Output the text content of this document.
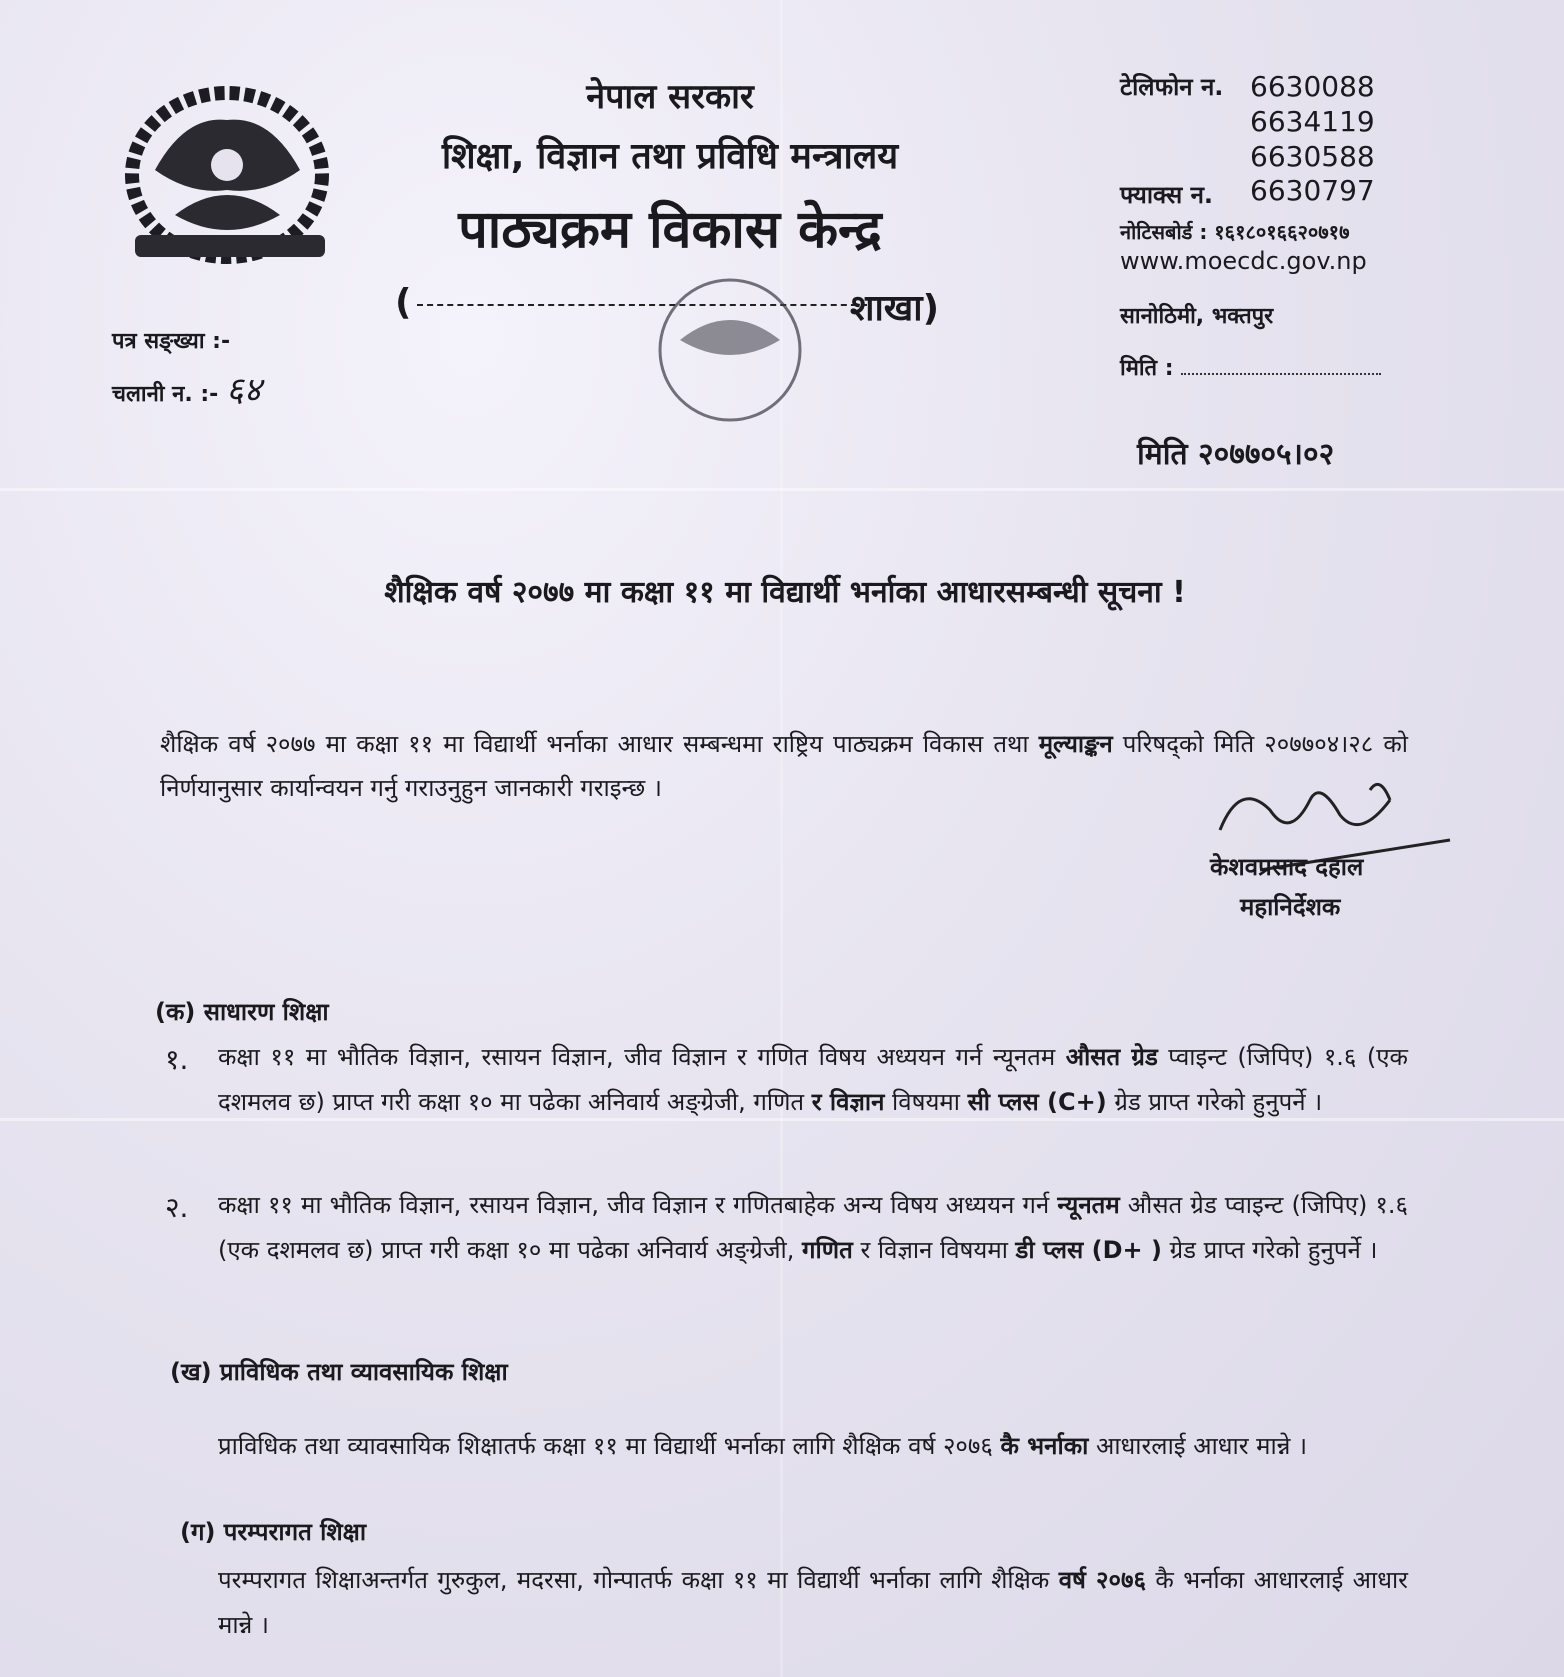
नेपाल सरकार
शिक्षा, विज्ञान तथा प्रविधि मन्त्रालय
पाठ्यक्रम विकास केन्द्र
(	शाखा)
टेलिफोन न. 6630088
6634119
6630588
फ्याक्स न. 6630797
नोटिसबोर्ड : १६१८०१६६२०७१७
www.moecdc.gov.np
सानोठिमी, भक्तपुर
मिति :
पत्र सङ्ख्या :-
चलानी न. :- ६४
मिति २०७७०५।०२
शैक्षिक वर्ष २०७७ मा कक्षा ११ मा विद्यार्थी भर्नाका आधारसम्बन्धी सूचना !
शैक्षिक वर्ष २०७७ मा कक्षा ११ मा विद्यार्थी भर्नाका आधार सम्बन्धमा राष्ट्रिय पाठ्यक्रम विकास तथा मूल्याङ्कन परिषद्को मिति २०७७०४।२८ को निर्णयानुसार कार्यान्वयन गर्नु गराउनुहुन जानकारी गराइन्छ ।
केशवप्रसाद दहाल
महानिर्देशक
(क) साधारण शिक्षा
१. कक्षा ११ मा भौतिक विज्ञान, रसायन विज्ञान, जीव विज्ञान र गणित विषय अध्ययन गर्न न्यूनतम औसत ग्रेड प्वाइन्ट (जिपिए) १.६ (एक दशमलव छ) प्राप्त गरी कक्षा १० मा पढेका अनिवार्य अङ्ग्रेजी, गणित र विज्ञान विषयमा सी प्लस (C+) ग्रेड प्राप्त गरेको हुनुपर्ने ।
२. कक्षा ११ मा भौतिक विज्ञान, रसायन विज्ञान, जीव विज्ञान र गणितबाहेक अन्य विषय अध्ययन गर्न न्यूनतम औसत ग्रेड प्वाइन्ट (जिपिए) १.६ (एक दशमलव छ) प्राप्त गरी कक्षा १० मा पढेका अनिवार्य अङ्ग्रेजी, गणित र विज्ञान विषयमा डी प्लस (D+ ) ग्रेड प्राप्त गरेको हुनुपर्ने ।
(ख) प्राविधिक तथा व्यावसायिक शिक्षा
प्राविधिक तथा व्यावसायिक शिक्षातर्फ कक्षा ११ मा विद्यार्थी भर्नाका लागि शैक्षिक वर्ष २०७६ कै भर्नाका आधारलाई आधार मान्ने ।
(ग) परम्परागत शिक्षा
परम्परागत शिक्षाअन्तर्गत गुरुकुल, मदरसा, गोन्पातर्फ कक्षा ११ मा विद्यार्थी भर्नाका लागि शैक्षिक वर्ष २०७६ कै भर्नाका आधारलाई आधार मान्ने ।
